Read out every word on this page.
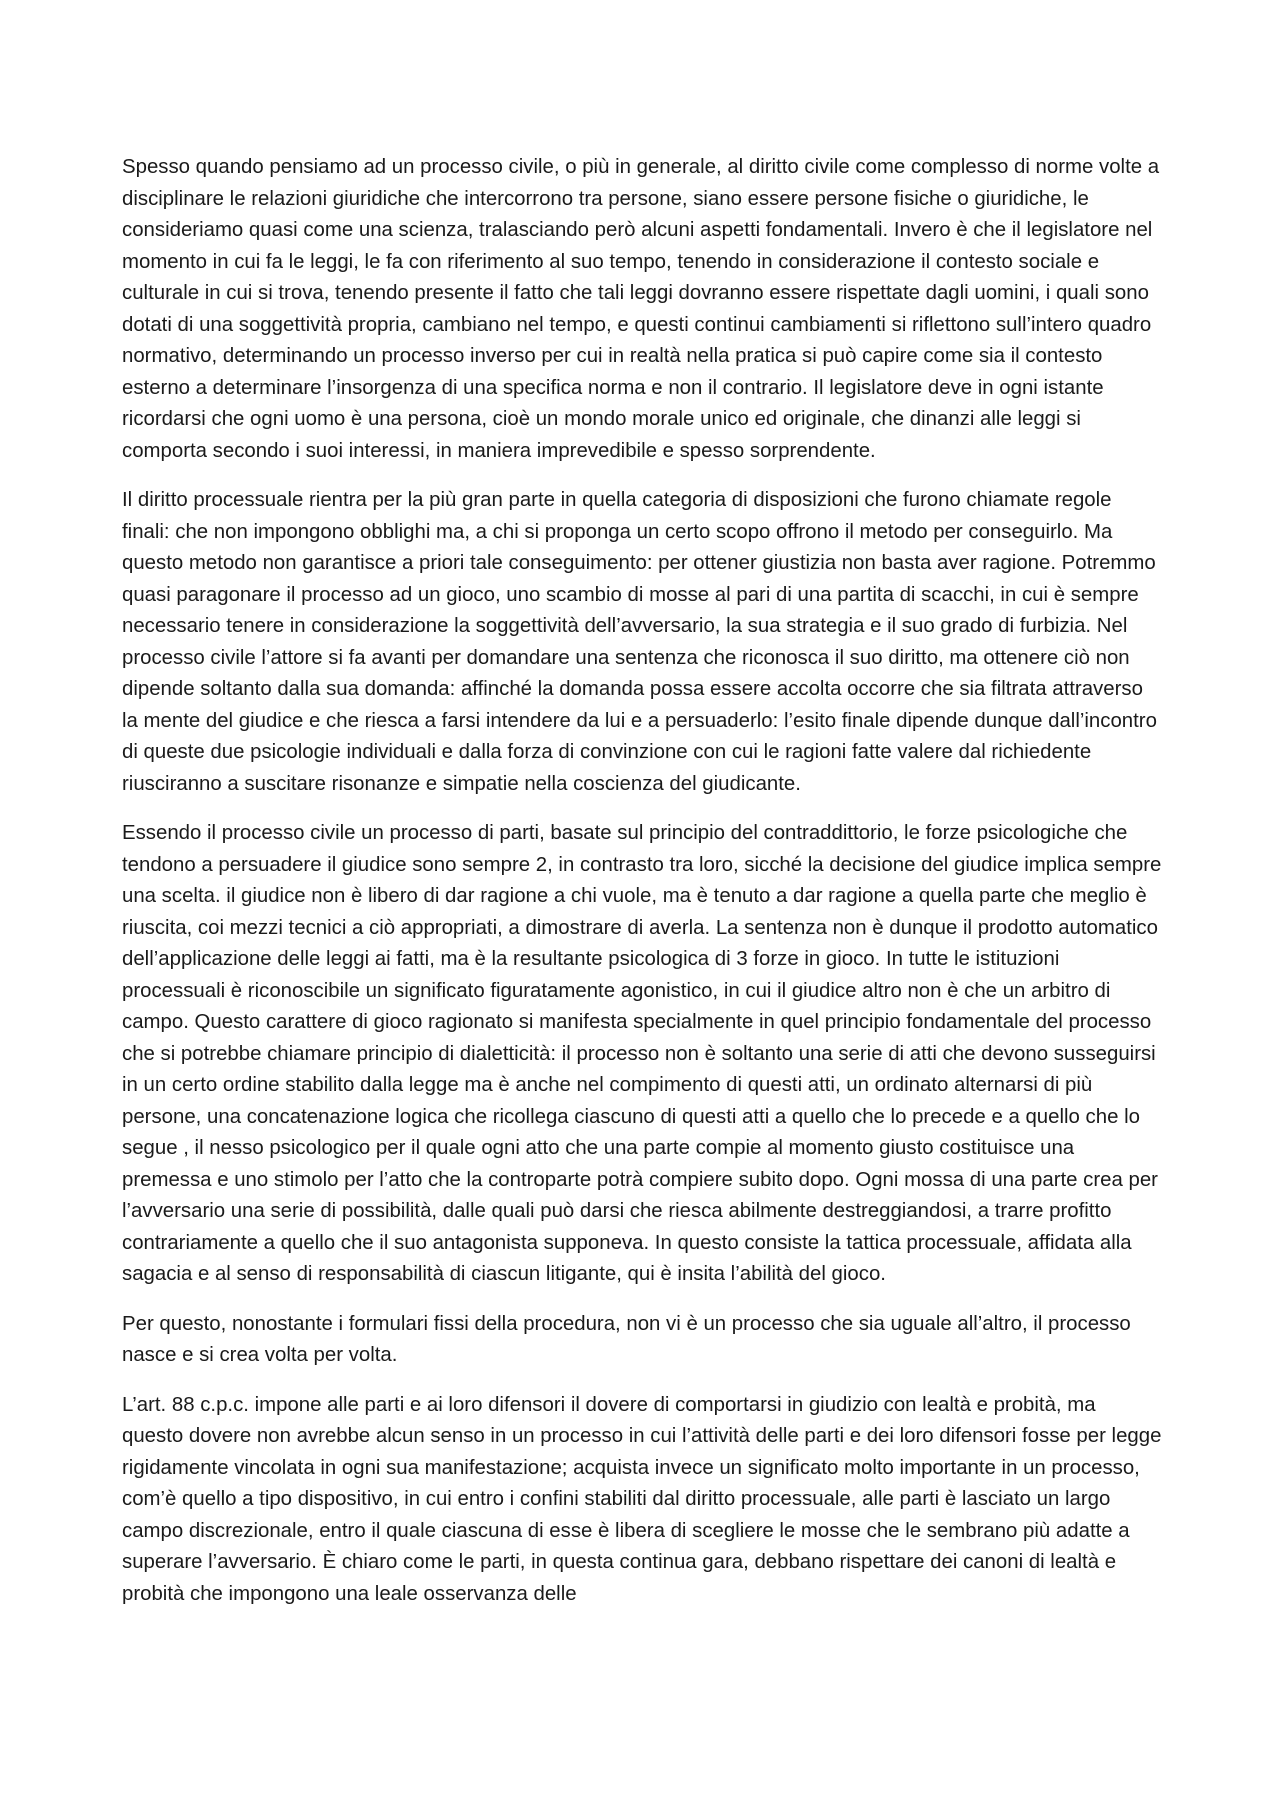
Spesso quando pensiamo ad un processo civile, o più in generale, al diritto civile come complesso di norme volte a disciplinare le relazioni giuridiche che intercorrono tra persone, siano essere persone fisiche o giuridiche, le consideriamo quasi come una scienza, tralasciando però alcuni aspetti fondamentali. Invero è che il legislatore nel momento in cui fa le leggi, le fa con riferimento al suo tempo, tenendo in considerazione il contesto sociale e culturale in cui si trova, tenendo presente il fatto che tali leggi dovranno essere rispettate dagli uomini, i quali sono dotati di una soggettività propria, cambiano nel tempo, e questi continui cambiamenti si riflettono sull’intero quadro normativo, determinando un processo inverso per cui in realtà nella pratica si può capire come sia il contesto esterno a determinare l’insorgenza di una specifica norma e non il contrario. Il legislatore deve in ogni istante ricordarsi che ogni uomo è una persona, cioè un mondo morale unico ed originale, che dinanzi alle leggi si comporta secondo i suoi interessi, in maniera imprevedibile e spesso sorprendente.

Il diritto processuale rientra per la più gran parte in quella categoria di disposizioni che furono chiamate regole finali: che non impongono obblighi ma, a chi si proponga un certo scopo offrono il metodo per conseguirlo. Ma questo metodo non garantisce a priori tale conseguimento: per ottener giustizia non basta aver ragione. Potremmo quasi paragonare il processo ad un gioco, uno scambio di mosse al pari di una partita di scacchi, in cui è sempre necessario tenere in considerazione la soggettività dell’avversario, la sua strategia e il suo grado di furbizia. Nel processo civile l’attore si fa avanti per domandare una sentenza che riconosca il suo diritto, ma ottenere ciò non dipende soltanto dalla sua domanda: affinché la domanda possa essere accolta occorre che sia filtrata attraverso la mente del giudice e che riesca a farsi intendere da lui e a persuaderlo: l’esito finale dipende dunque dall’incontro di queste due psicologie individuali e dalla forza di convinzione con cui le ragioni fatte valere dal richiedente riusciranno a suscitare risonanze e simpatie nella coscienza del giudicante.

Essendo il processo civile un processo di parti, basate sul principio del contraddittorio, le forze psicologiche che tendono a persuadere il giudice sono sempre 2, in contrasto tra loro, sicché la decisione del giudice implica sempre una scelta. il giudice non è libero di dar ragione a chi vuole, ma è tenuto a dar ragione a quella parte che meglio è riuscita, coi mezzi tecnici a ciò appropriati, a dimostrare di averla. La sentenza non è dunque il prodotto automatico dell’applicazione delle leggi ai fatti, ma è la resultante psicologica di 3 forze in gioco. In tutte le istituzioni processuali è riconoscibile un significato figuratamente agonistico, in cui il giudice altro non è che un arbitro di campo. Questo carattere di gioco ragionato si manifesta specialmente in quel principio fondamentale del processo che si potrebbe chiamare principio di dialetticità: il processo non è soltanto una serie di atti che devono susseguirsi in un certo ordine stabilito dalla legge ma è anche nel compimento di questi atti, un ordinato alternarsi di più persone, una concatenazione logica che ricollega ciascuno di questi atti a quello che lo precede e a quello che lo segue , il nesso psicologico per il quale ogni atto che una parte compie al momento giusto costituisce una premessa e uno stimolo per l’atto che la controparte potrà compiere subito dopo. Ogni mossa di una parte crea per l’avversario una serie di possibilità, dalle quali può darsi che riesca abilmente destreggiandosi, a trarre profitto contrariamente a quello che il suo antagonista supponeva. In questo consiste la tattica processuale, affidata alla sagacia e al senso di responsabilità di ciascun litigante, qui è insita l’abilità del gioco.

Per questo, nonostante i formulari fissi della procedura, non vi è un processo che sia uguale all’altro, il processo nasce e si crea volta per volta.

L’art. 88 c.p.c. impone alle parti e ai loro difensori il dovere di comportarsi in giudizio con lealtà e probità, ma questo dovere non avrebbe alcun senso in un processo in cui l’attività delle parti e dei loro difensori fosse per legge rigidamente vincolata in ogni sua manifestazione; acquista invece un significato molto importante in un processo, com’è quello a tipo dispositivo, in cui entro i confini stabiliti dal diritto processuale, alle parti è lasciato un largo campo discrezionale, entro il quale ciascuna di esse è libera di scegliere le mosse che le sembrano più adatte a superare l’avversario. È chiaro come le parti, in questa continua gara, debbano rispettare dei canoni di lealtà e probità che impongono una leale osservanza delle
